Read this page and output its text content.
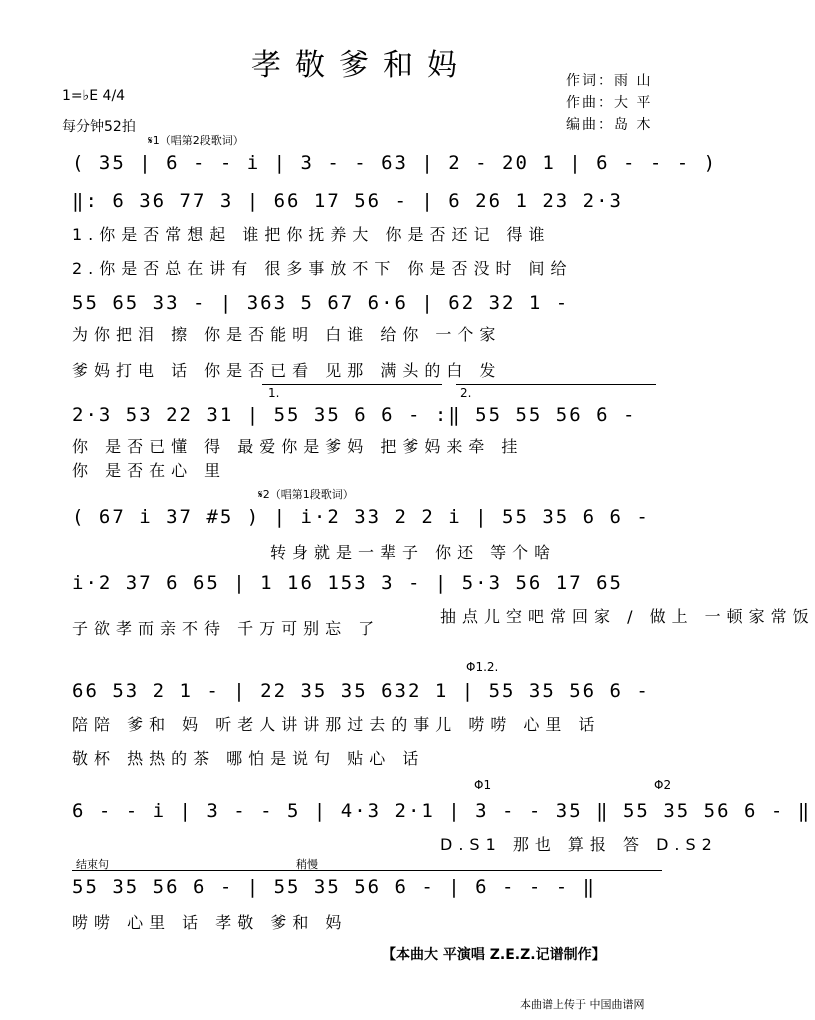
孝敬爹和妈
1=♭E 4/4
每分钟52拍
作词：雨 山
作曲：大 平
编曲：岛 木
𝄋1（唱第2段歌词）
( 35 | 6 - - i | 3 - - 63 | 2 - 20 1 | 6 - - - )
‖: 6 36 77 3 | 66 17 56 - | 6 26 1 23 2·3
1.你是否常想起 谁把你抚养大 你是否还记 得谁
2.你是否总在讲有 很多事放不下 你是否没时 间给
55 65 33 - | 363 5 67 6·6 | 62 32 1 -
为你把泪 擦 你是否能明 白谁 给你 一个家
爹妈打电 话 你是否已看 见那 满头的白 发
1.	2.
2·3 53 22 31 | 55 35 6 6 - :‖ 55 55 56 6 -
你 是否已懂 得 最爱你是爹妈 把爹妈来牵 挂
你 是否在心 里
𝄋2（唱第1段歌词）
( 67 i 37 #5 ) | i·2 33 2 2 i | 55 35 6 6 -
转身就是一辈子 你还 等个啥
i·2 37 6 65 | 1 16 153 3 - | 5·3 56 17 65
子欲孝而亲不待 千万可别忘 了
抽点儿空吧常回家 / 做上 一顿家常饭
Φ1.2.
66 53 2 1 - | 22 35 35 632 1 | 55 35 56 6 -
陪陪 爹和 妈 听老人讲讲那过去的事儿 唠唠 心里 话
敬杯 热热的茶 哪怕是说句 贴心 话
Φ1	Φ2
6 - - i | 3 - - 5 | 4·3 2·1 | 3 - - 35 ‖ 55 35 56 6 - ‖
D.S1 那也 算报 答 D.S2
结束句	稍慢
55 35 56 6 - | 55 35 56 6 - | 6 - - - ‖
唠唠 心里 话 孝敬 爹和 妈
【本曲大 平演唱 Z.E.Z.记谱制作】
本曲谱上传于 中国曲谱网
